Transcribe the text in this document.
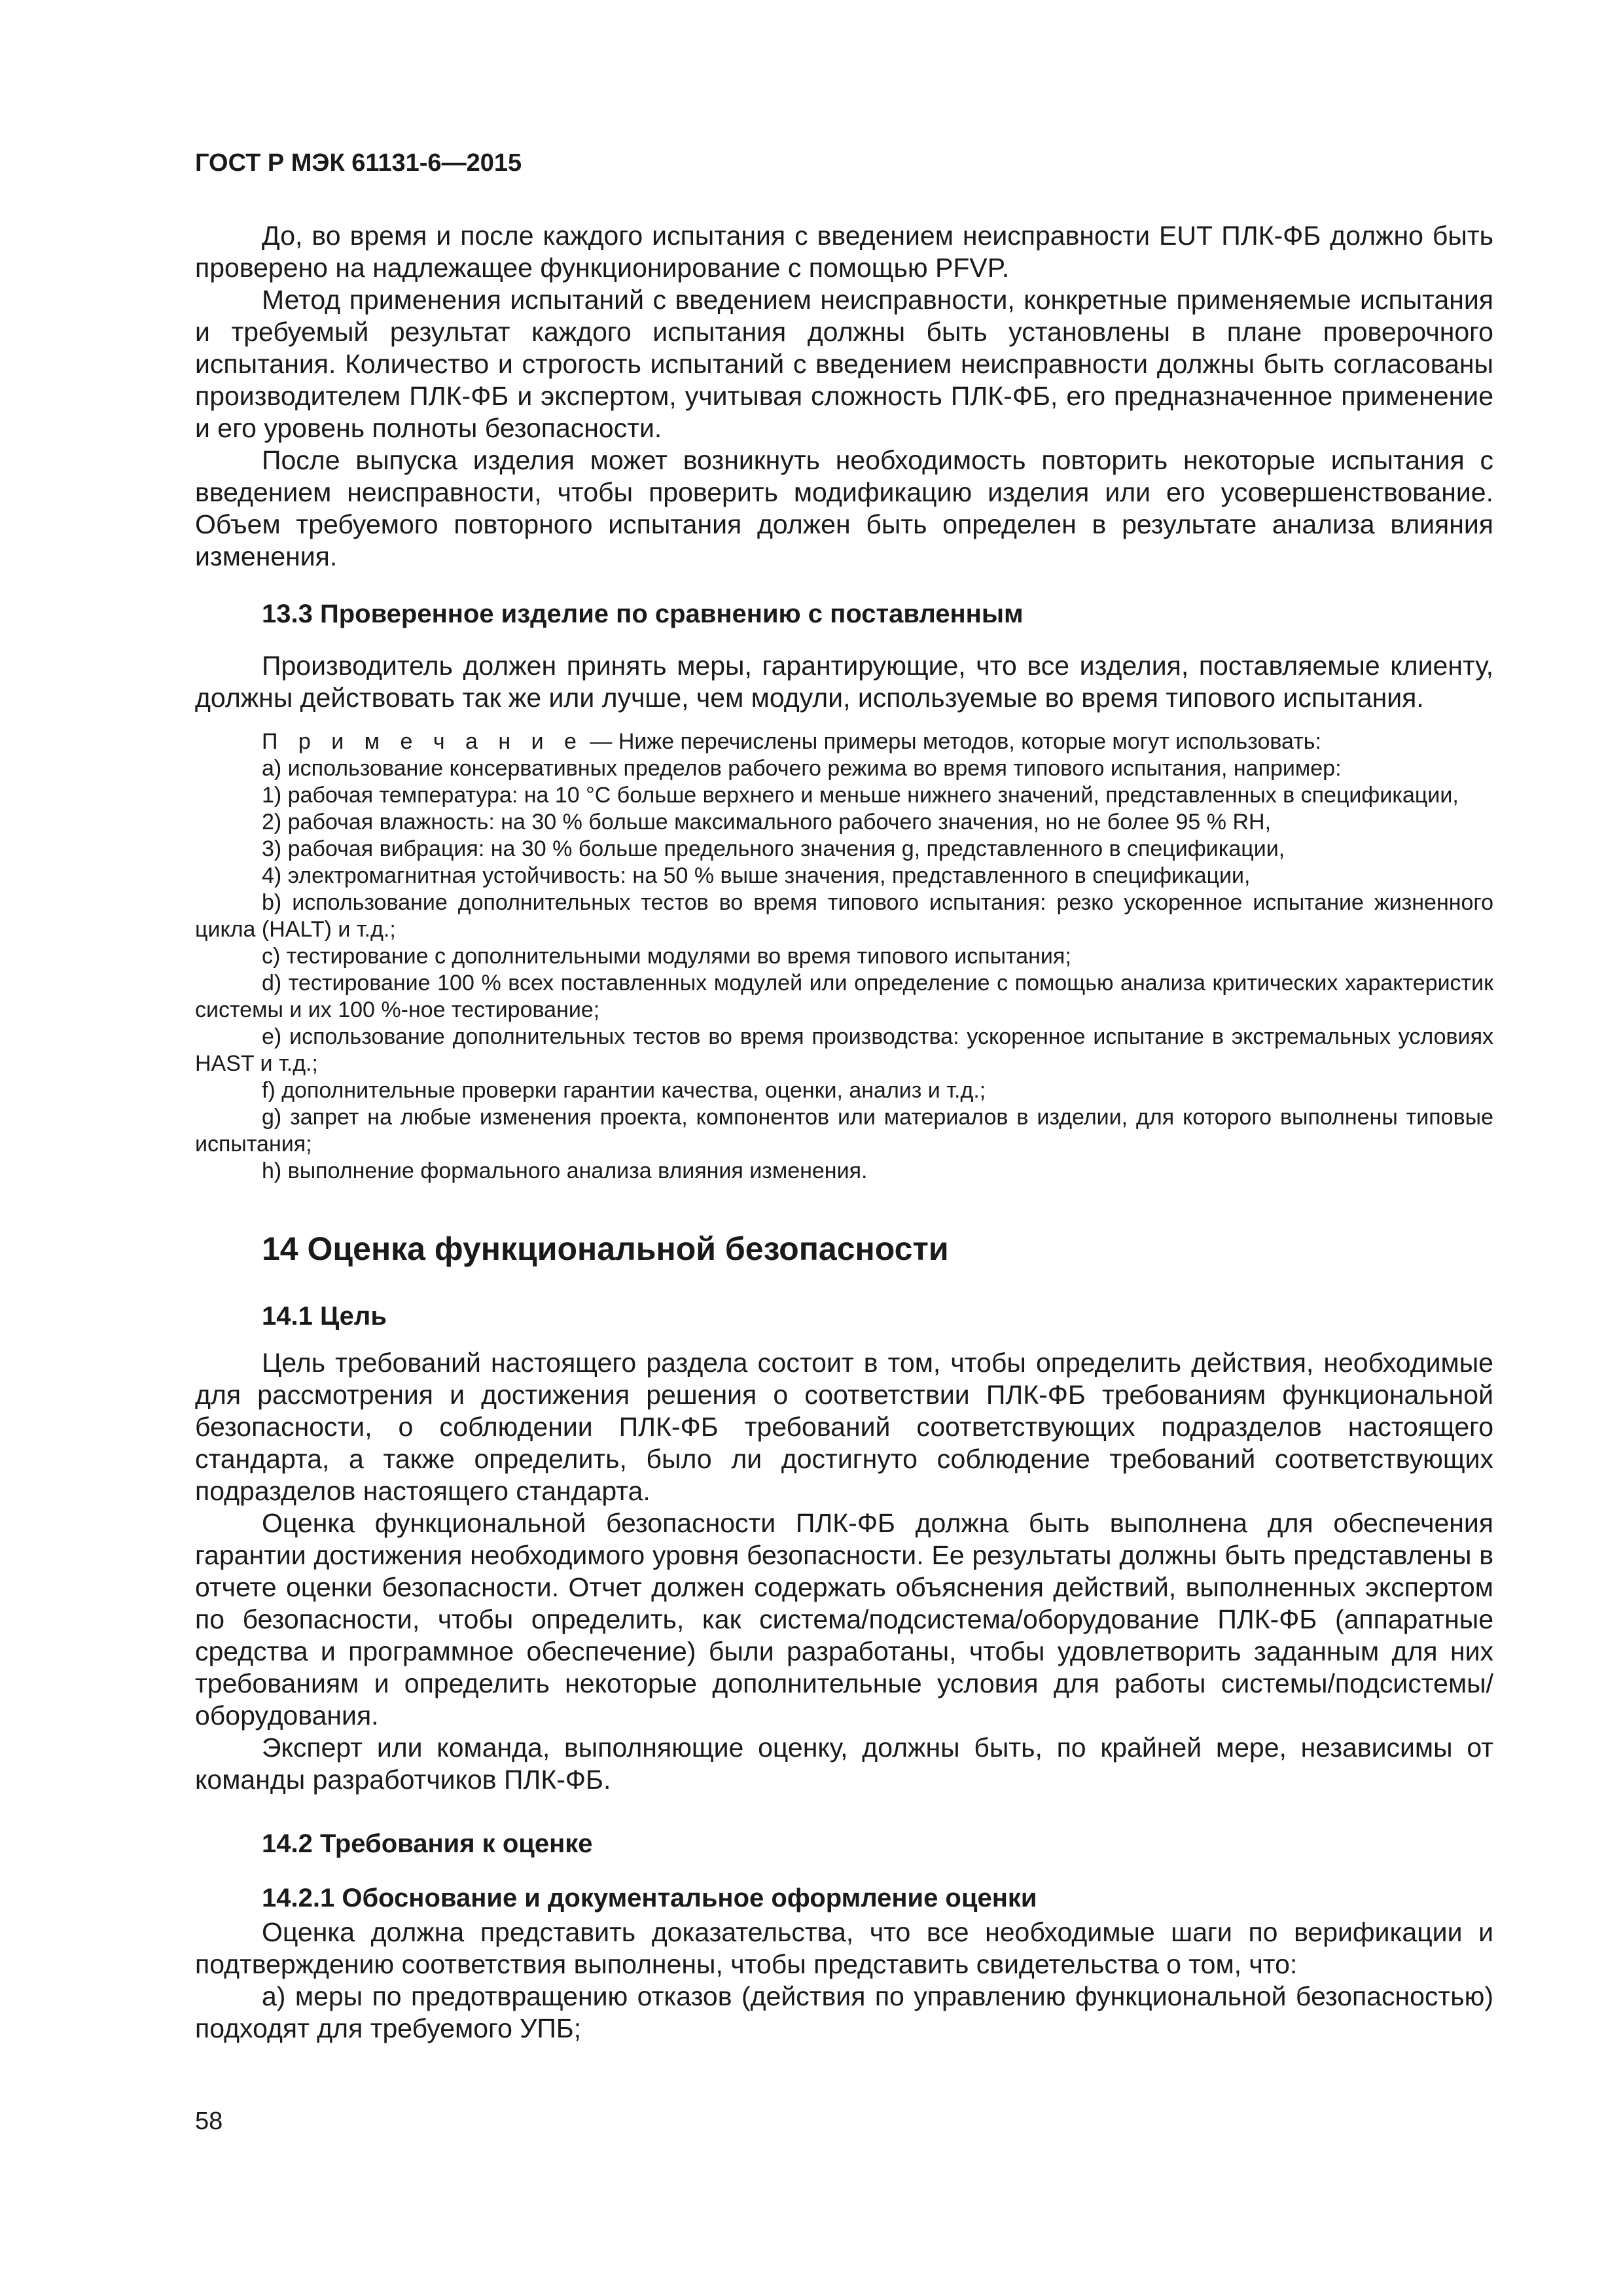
ГОСТ Р МЭК 61131-6—2015

До, во время и после каждого испытания с введением неисправности EUT ПЛК-ФБ должно быть проверено на надлежащее функционирование с помощью PFVP.

Метод применения испытаний с введением неисправности, конкретные применяемые испытания и требуемый результат каждого испытания должны быть установлены в плане проверочного испытания. Количество и строгость испытаний с введением неисправности должны быть согласованы производителем ПЛК-ФБ и экспертом, учитывая сложность ПЛК-ФБ, его предназначенное применение и его уровень полноты безопасности.

После выпуска изделия может возникнуть необходимость повторить некоторые испытания с введением неисправности, чтобы проверить модификацию изделия или его усовершенствование. Объем требуемого повторного испытания должен быть определен в результате анализа влияния изменения.

13.3 Проверенное изделие по сравнению с поставленным

Производитель должен принять меры, гарантирующие, что все изделия, поставляемые клиенту, должны действовать так же или лучше, чем модули, используемые во время типового испытания.

П р и м е ч а н и е — Ниже перечислены примеры методов, которые могут использовать:

а) использование консервативных пределов рабочего режима во время типового испытания, например:

1) рабочая температура: на 10 °С больше верхнего и меньше нижнего значений, представленных в спецификации,

2) рабочая влажность: на 30 % больше максимального рабочего значения, но не более 95 % RH,

3) рабочая вибрация: на 30 % больше предельного значения g, представленного в спецификации,

4) электромагнитная устойчивость: на 50 % выше значения, представленного в спецификации,

b) использование дополнительных тестов во время типового испытания: резко ускоренное испытание жизненного цикла (HALT) и т.д.;

c) тестирование с дополнительными модулями во время типового испытания;

d) тестирование 100 % всех поставленных модулей или определение с помощью анализа критических характеристик системы и их 100 %-ное тестирование;

e) использование дополнительных тестов во время производства: ускоренное испытание в экстремальных условиях HAST и т.д.;

f) дополнительные проверки гарантии качества, оценки, анализ и т.д.;

g) запрет на любые изменения проекта, компонентов или материалов в изделии, для которого выполнены типовые испытания;

h) выполнение формального анализа влияния изменения.

14 Оценка функциональной безопасности

14.1 Цель

Цель требований настоящего раздела состоит в том, чтобы определить действия, необходимые для рассмотрения и достижения решения о соответствии ПЛК-ФБ требованиям функциональной безопасности, о соблюдении ПЛК-ФБ требований соответствующих подразделов настоящего стандарта, а также определить, было ли достигнуто соблюдение требований соответствующих подразделов настоящего стандарта.

Оценка функциональной безопасности ПЛК-ФБ должна быть выполнена для обеспечения гарантии достижения необходимого уровня безопасности. Ее результаты должны быть представлены в отчете оценки безопасности. Отчет должен содержать объяснения действий, выполненных экспертом по безопасности, чтобы определить, как система/подсистема/оборудование ПЛК-ФБ (аппаратные средства и программное обеспечение) были разработаны, чтобы удовлетворить заданным для них требованиям и определить некоторые дополнительные условия для работы системы/подсистемы/оборудования.

Эксперт или команда, выполняющие оценку, должны быть, по крайней мере, независимы от команды разработчиков ПЛК-ФБ.

14.2 Требования к оценке

14.2.1 Обоснование и документальное оформление оценки

Оценка должна представить доказательства, что все необходимые шаги по верификации и подтверждению соответствия выполнены, чтобы представить свидетельства о том, что:

а) меры по предотвращению отказов (действия по управлению функциональной безопасностью) подходят для требуемого УПБ;

58
